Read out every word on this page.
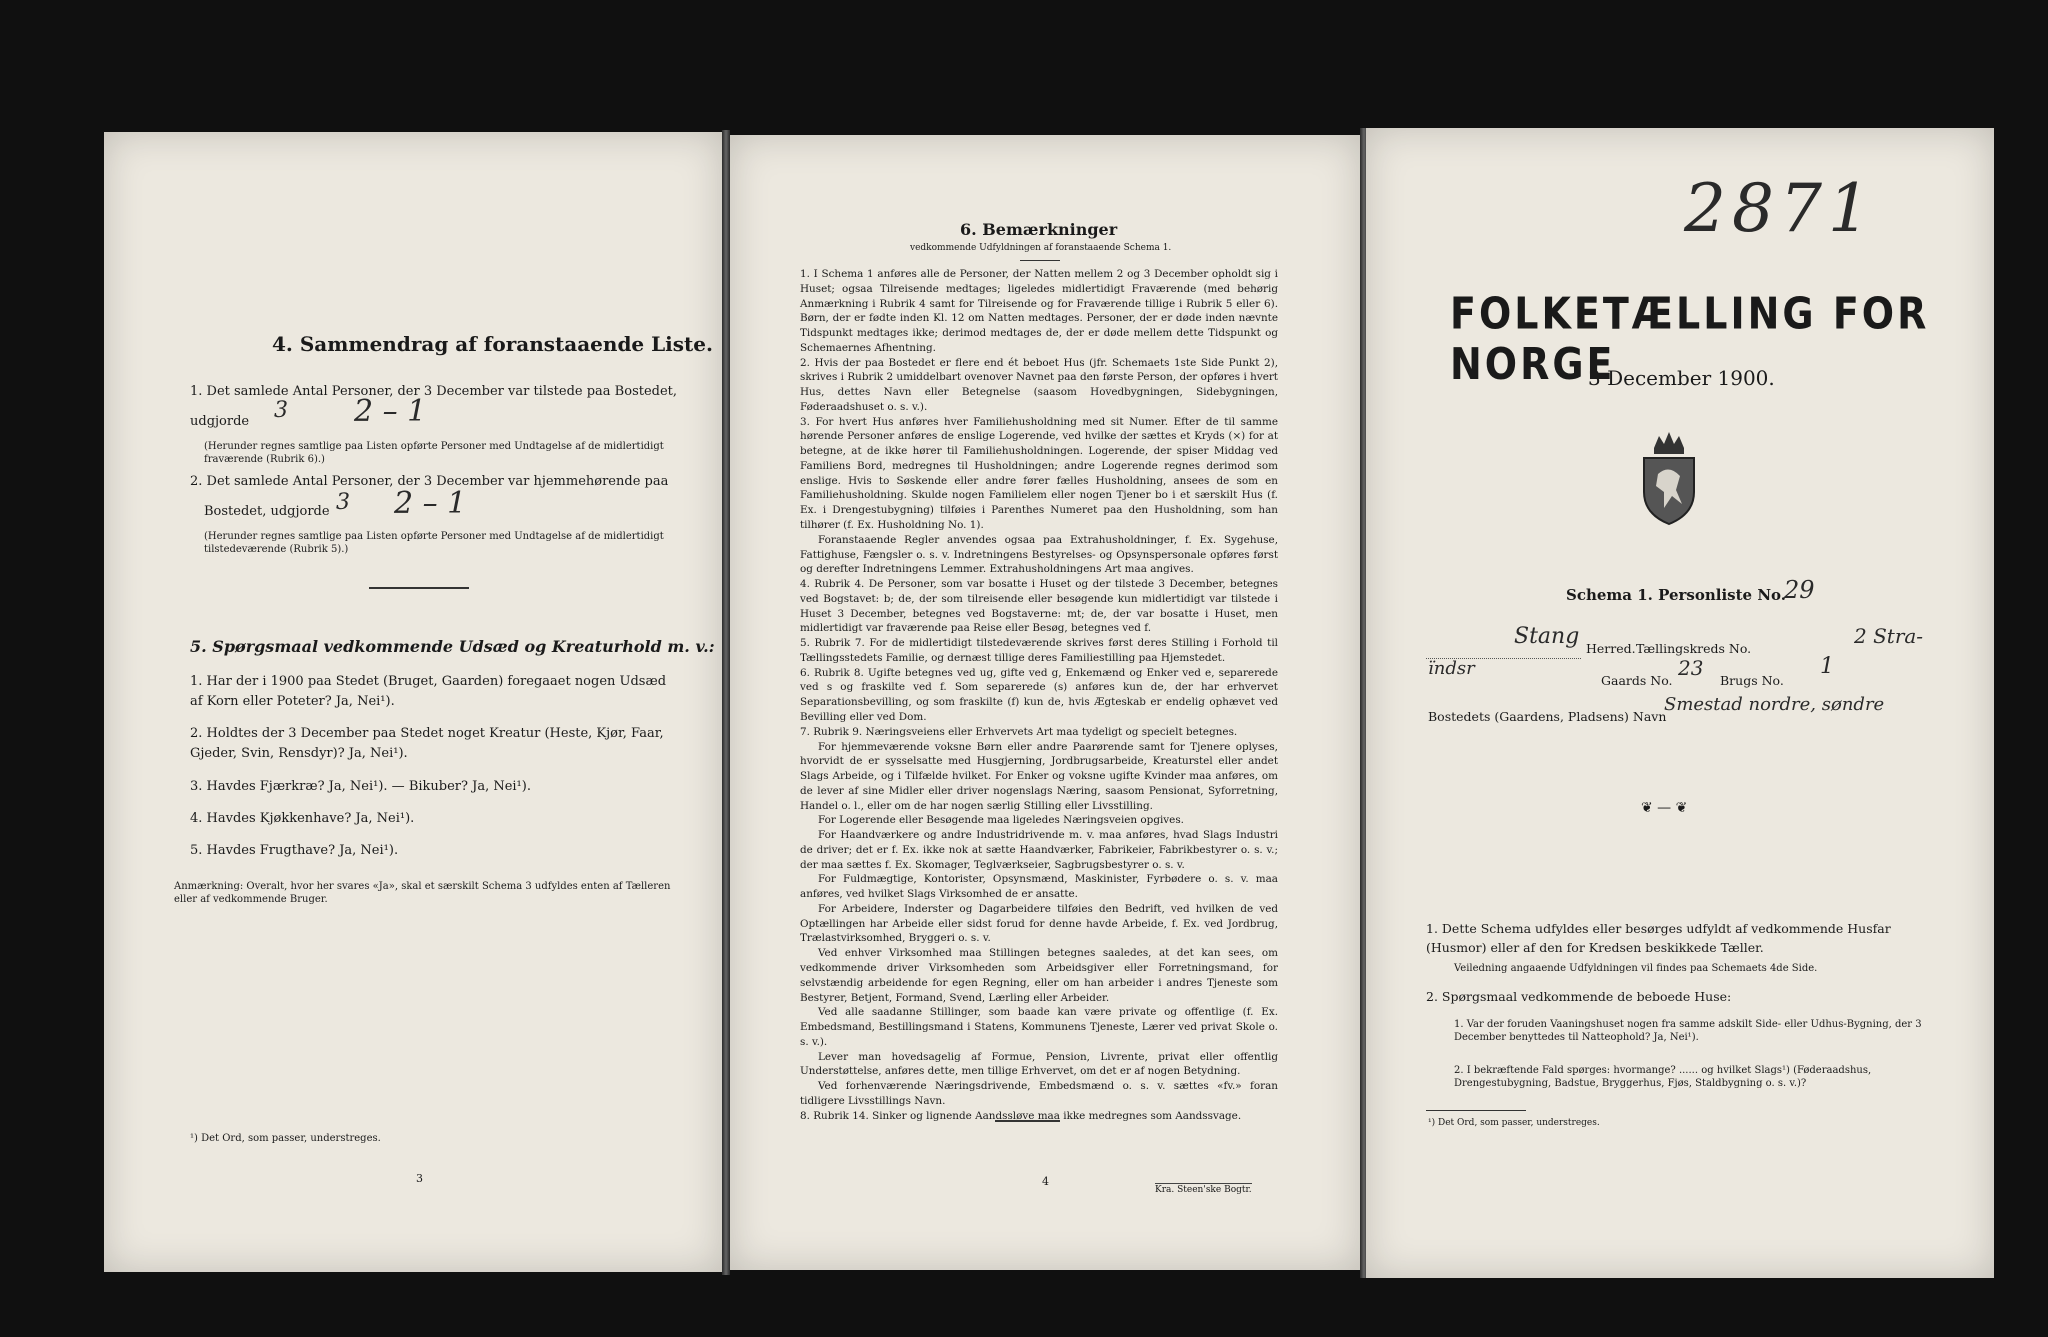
4. Sammendrag af foranstaaende Liste.
1. Det samlede Antal Personer, der 3 December var tilstede paa Bostedet,
udgjorde 3 2 – 1
(Herunder regnes samtlige paa Listen opførte Personer med Undtagelse af de midlertidigt fraværende (Rubrik 6).)
2. Det samlede Antal Personer, der 3 December var hjemmehørende paa
Bostedet, udgjorde 3 2 – 1
(Herunder regnes samtlige paa Listen opførte Personer med Undtagelse af de midlertidigt tilstedeværende (Rubrik 5).)
5. Spørgsmaal vedkommende Udsæd og Kreaturhold m. v.:
1. Har der i 1900 paa Stedet (Bruget, Gaarden) foregaaet nogen Udsæd af Korn eller Poteter? Ja, Nei¹).
2. Holdtes der 3 December paa Stedet noget Kreatur (Heste, Kjør, Faar, Gjeder, Svin, Rensdyr)? Ja, Nei¹).
3. Havdes Fjærkræ? Ja, Nei¹). — Bikuber? Ja, Nei¹).
4. Havdes Kjøkkenhave? Ja, Nei¹).
5. Havdes Frugthave? Ja, Nei¹).
Anmærkning: Overalt, hvor her svares «Ja», skal et særskilt Schema 3 udfyldes enten af Tælleren eller af vedkommende Bruger.
¹) Det Ord, som passer, understreges.
3
6. Bemærkninger
vedkommende Udfyldningen af foranstaaende Schema 1.

1. I Schema 1 anføres alle de Personer, der Natten mellem 2 og 3 December opholdt sig i Huset; ogsaa Tilreisende medtages; ligeledes midlertidigt Fraværende (med behørig Anmærkning i Rubrik 4 samt for Tilreisende og for Fraværende tillige i Rubrik 5 eller 6). Børn, der er fødte inden Kl. 12 om Natten medtages. Personer, der er døde inden nævnte Tidspunkt medtages ikke; derimod medtages de, der er døde mellem dette Tidspunkt og Schemaernes Afhentning.

2. Hvis der paa Bostedet er flere end ét beboet Hus (jfr. Schemaets 1ste Side Punkt 2), skrives i Rubrik 2 umiddelbart ovenover Navnet paa den første Person, der opføres i hvert Hus, dettes Navn eller Betegnelse (saasom Hovedbygningen, Sidebygningen, Føderaadshuset o. s. v.).

3. For hvert Hus anføres hver Familiehusholdning med sit Numer. Efter de til samme hørende Personer anføres de enslige Logerende, ved hvilke der sættes et Kryds (×) for at betegne, at de ikke hører til Familiehusholdningen. Logerende, der spiser Middag ved Familiens Bord, medregnes til Husholdningen; andre Logerende regnes derimod som enslige. Hvis to Søskende eller andre fører fælles Husholdning, ansees de som en Familiehusholdning. Skulde nogen Familielem eller nogen Tjener bo i et særskilt Hus (f. Ex. i Drengestubygning) tilføies i Parenthes Numeret paa den Husholdning, som han tilhører (f. Ex. Husholdning No. 1).

Foranstaaende Regler anvendes ogsaa paa Extrahusholdninger, f. Ex. Sygehuse, Fattighuse, Fængsler o. s. v. Indretningens Bestyrelses- og Opsynspersonale opføres først og derefter Indretningens Lemmer. Extrahusholdningens Art maa angives.

4. Rubrik 4. De Personer, som var bosatte i Huset og der tilstede 3 December, betegnes ved Bogstavet: b; de, der som tilreisende eller besøgende kun midlertidigt var tilstede i Huset 3 December, betegnes ved Bogstaverne: mt; de, der var bosatte i Huset, men midlertidigt var fraværende paa Reise eller Besøg, betegnes ved f.

5. Rubrik 7. For de midlertidigt tilstedeværende skrives først deres Stilling i Forhold til Tællingsstedets Familie, og dernæst tillige deres Familiestilling paa Hjemstedet.

6. Rubrik 8. Ugifte betegnes ved ug, gifte ved g, Enkemænd og Enker ved e, separerede ved s og fraskilte ved f. Som separerede (s) anføres kun de, der har erhvervet Separationsbevilling, og som fraskilte (f) kun de, hvis Ægteskab er endelig ophævet ved Bevilling eller ved Dom.

7. Rubrik 9. Næringsveiens eller Erhvervets Art maa tydeligt og specielt betegnes.

For hjemmeværende voksne Børn eller andre Paarørende samt for Tjenere oplyses, hvorvidt de er sysselsatte med Husgjerning, Jordbrugsarbeide, Kreaturstel eller andet Slags Arbeide, og i Tilfælde hvilket. For Enker og voksne ugifte Kvinder maa anføres, om de lever af sine Midler eller driver nogenslags Næring, saasom Pensionat, Syforretning, Handel o. l., eller om de har nogen særlig Stilling eller Livsstilling.

For Logerende eller Besøgende maa ligeledes Næringsveien opgives.

For Haandværkere og andre Industridrivende m. v. maa anføres, hvad Slags Industri de driver; det er f. Ex. ikke nok at sætte Haandværker, Fabrikeier, Fabrikbestyrer o. s. v.; der maa sættes f. Ex. Skomager, Teglværkseier, Sagbrugsbestyrer o. s. v.

For Fuldmægtige, Kontorister, Opsynsmænd, Maskinister, Fyrbødere o. s. v. maa anføres, ved hvilket Slags Virksomhed de er ansatte.

For Arbeidere, Inderster og Dagarbeidere tilføies den Bedrift, ved hvilken de ved Optællingen har Arbeide eller sidst forud for denne havde Arbeide, f. Ex. ved Jordbrug, Trælastvirksomhed, Bryggeri o. s. v.

Ved enhver Virksomhed maa Stillingen betegnes saaledes, at det kan sees, om vedkommende driver Virksomheden som Arbeidsgiver eller Forretningsmand, for selvstændig arbeidende for egen Regning, eller om han arbeider i andres Tjeneste som Bestyrer, Betjent, Formand, Svend, Lærling eller Arbeider.

Ved alle saadanne Stillinger, som baade kan være private og offentlige (f. Ex. Embedsmand, Bestillingsmand i Statens, Kommunens Tjeneste, Lærer ved privat Skole o. s. v.).

Lever man hovedsagelig af Formue, Pension, Livrente, privat eller offentlig Understøttelse, anføres dette, men tillige Erhvervet, om det er af nogen Betydning.

Ved forhenværende Næringsdrivende, Embedsmænd o. s. v. sættes «fv.» foran tidligere Livsstillings Navn.

8. Rubrik 14. Sinker og lignende Aandssløve maa ikke medregnes som Aandssvage.

4
Kra. Steen'ske Bogtr.
2871
FOLKETÆLLING FOR NORGE
3 December 1900.
Schema 1. Personliste No.
29
Stang Herred. Tællingskreds No.
2 Stra-
ïndsr
Gaards No.
23
Brugs No.
1
Bostedets (Gaardens, Pladsens) Navn
Smestad nordre, søndre
❦ — ❦
1. Dette Schema udfyldes eller besørges udfyldt af vedkommende Husfar (Husmor) eller af den for Kredsen beskikkede Tæller.
Veiledning angaaende Udfyldningen vil findes paa Schemaets 4de Side.
2. Spørgsmaal vedkommende de beboede Huse:
1. Var der foruden Vaaningshuset nogen fra samme adskilt Side- eller Udhus-Bygning, der 3 December benyttedes til Natteophold? Ja, Nei¹).
2. I bekræftende Fald spørges: hvormange? ...... og hvilket Slags¹) (Føderaadshus, Drengestubygning, Badstue, Bryggerhus, Fjøs, Staldbygning o. s. v.)?
¹) Det Ord, som passer, understreges.
